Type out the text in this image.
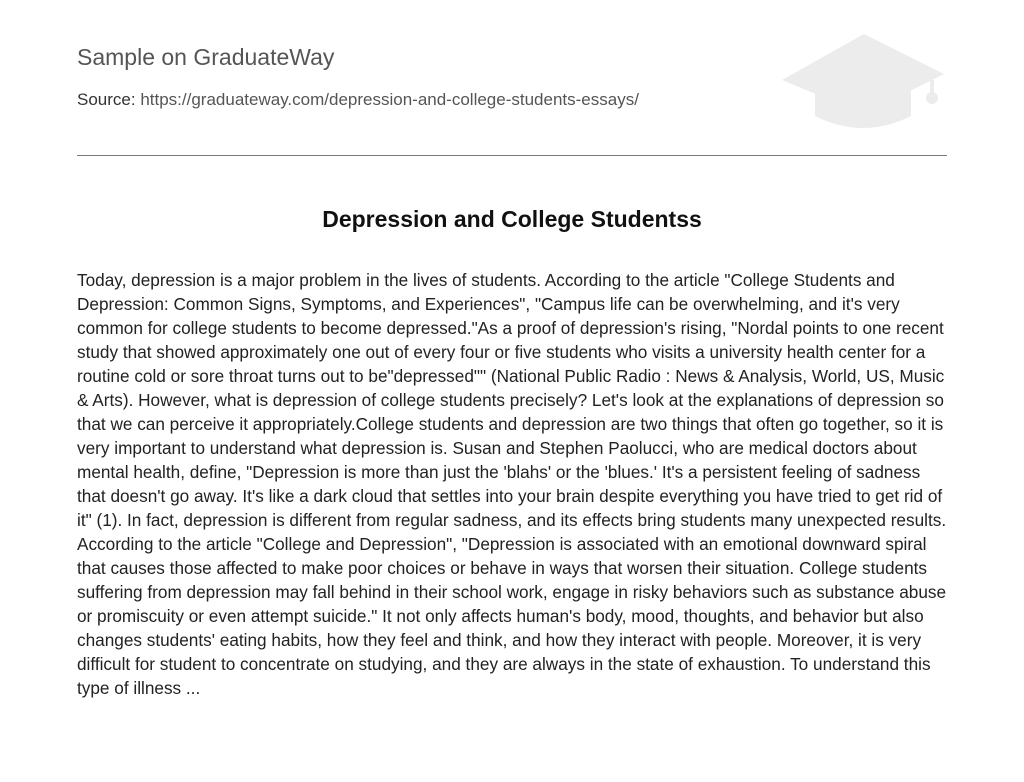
Sample on GraduateWay
Source: https://graduateway.com/depression-and-college-students-essays/
Depression and College Studentss

Today, depression is a major problem in the lives of students. According to the article "College Students and Depression: Common Signs, Symptoms, and Experiences", "Campus life can be overwhelming, and it's very common for college students to become depressed."As a proof of depression's rising, "Nordal points to one recent study that showed approximately one out of every four or five students who visits a university health center for a routine cold or sore throat turns out to be"depressed"" (National Public Radio : News & Analysis, World, US, Music & Arts). However, what is depression of college students precisely? Let's look at the explanations of depression so that we can perceive it appropriately.College students and depression are two things that often go together, so it is very important to understand what depression is. Susan and Stephen Paolucci, who are medical doctors about mental health, define, "Depression is more than just the 'blahs' or the 'blues.' It's a persistent feeling of sadness that doesn't go away. It's like a dark cloud that settles into your brain despite everything you have tried to get rid of it" (1). In fact, depression is different from regular sadness, and its effects bring students many unexpected results. According to the article "College and Depression", "Depression is associated with an emotional downward spiral that causes those affected to make poor choices or behave in ways that worsen their situation. College students suffering from depression may fall behind in their school work, engage in risky behaviors such as substance abuse or promiscuity or even attempt suicide." It not only affects human's body, mood, thoughts, and behavior but also changes students' eating habits, how they feel and think, and how they interact with people. Moreover, it is very difficult for student to concentrate on studying, and they are always in the state of exhaustion. To understand this type of illness ...
